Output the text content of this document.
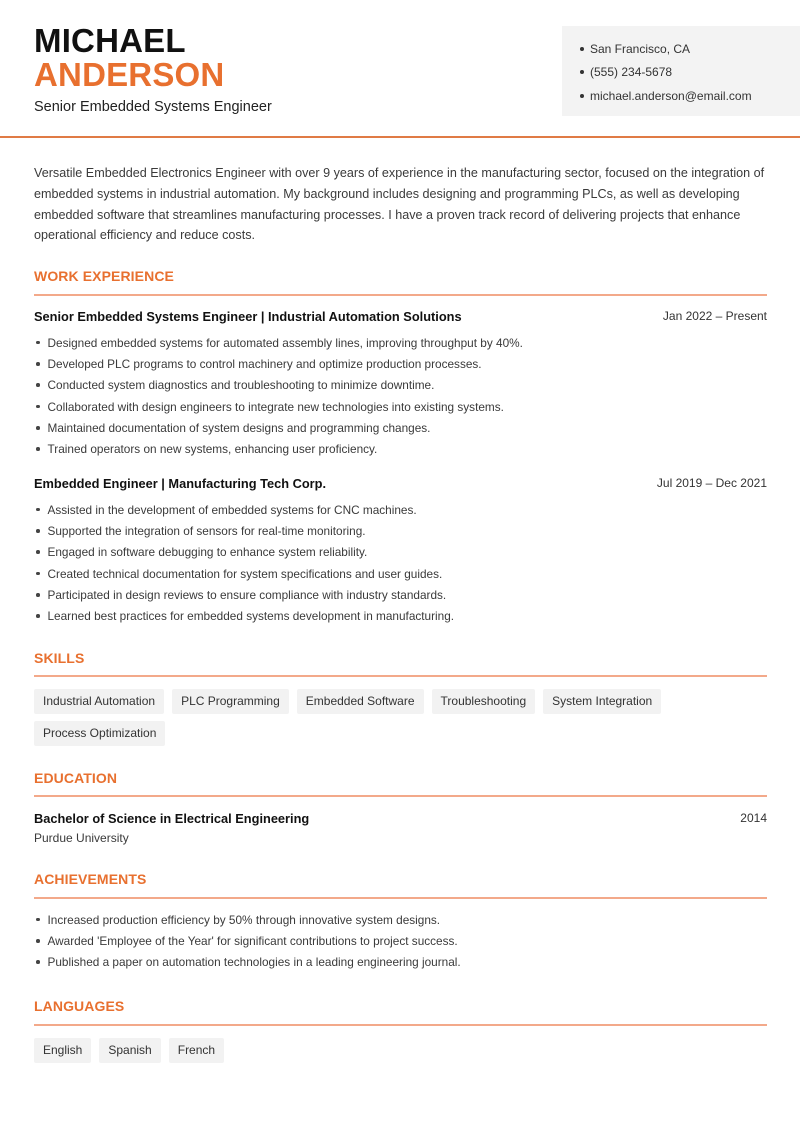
MICHAEL
ANDERSON
Senior Embedded Systems Engineer
San Francisco, CA
(555) 234-5678
michael.anderson@email.com

Versatile Embedded Electronics Engineer with over 9 years of experience in the manufacturing sector, focused on the integration of embedded systems in industrial automation. My background includes designing and programming PLCs, as well as developing embedded software that streamlines manufacturing processes. I have a proven track record of delivering projects that enhance operational efficiency and reduce costs.

WORK EXPERIENCE
Senior Embedded Systems Engineer | Industrial Automation Solutions	Jan 2022 – Present
Designed embedded systems for automated assembly lines, improving throughput by 40%.
Developed PLC programs to control machinery and optimize production processes.
Conducted system diagnostics and troubleshooting to minimize downtime.
Collaborated with design engineers to integrate new technologies into existing systems.
Maintained documentation of system designs and programming changes.
Trained operators on new systems, enhancing user proficiency.
Embedded Engineer | Manufacturing Tech Corp.	Jul 2019 – Dec 2021
Assisted in the development of embedded systems for CNC machines.
Supported the integration of sensors for real-time monitoring.
Engaged in software debugging to enhance system reliability.
Created technical documentation for system specifications and user guides.
Participated in design reviews to ensure compliance with industry standards.
Learned best practices for embedded systems development in manufacturing.
SKILLS
Industrial Automation	PLC Programming	Embedded Software	Troubleshooting	System Integration
Process Optimization
EDUCATION
Bachelor of Science in Electrical Engineering	2014
Purdue University
ACHIEVEMENTS
Increased production efficiency by 50% through innovative system designs.
Awarded 'Employee of the Year' for significant contributions to project success.
Published a paper on automation technologies in a leading engineering journal.
LANGUAGES
English	Spanish	French
